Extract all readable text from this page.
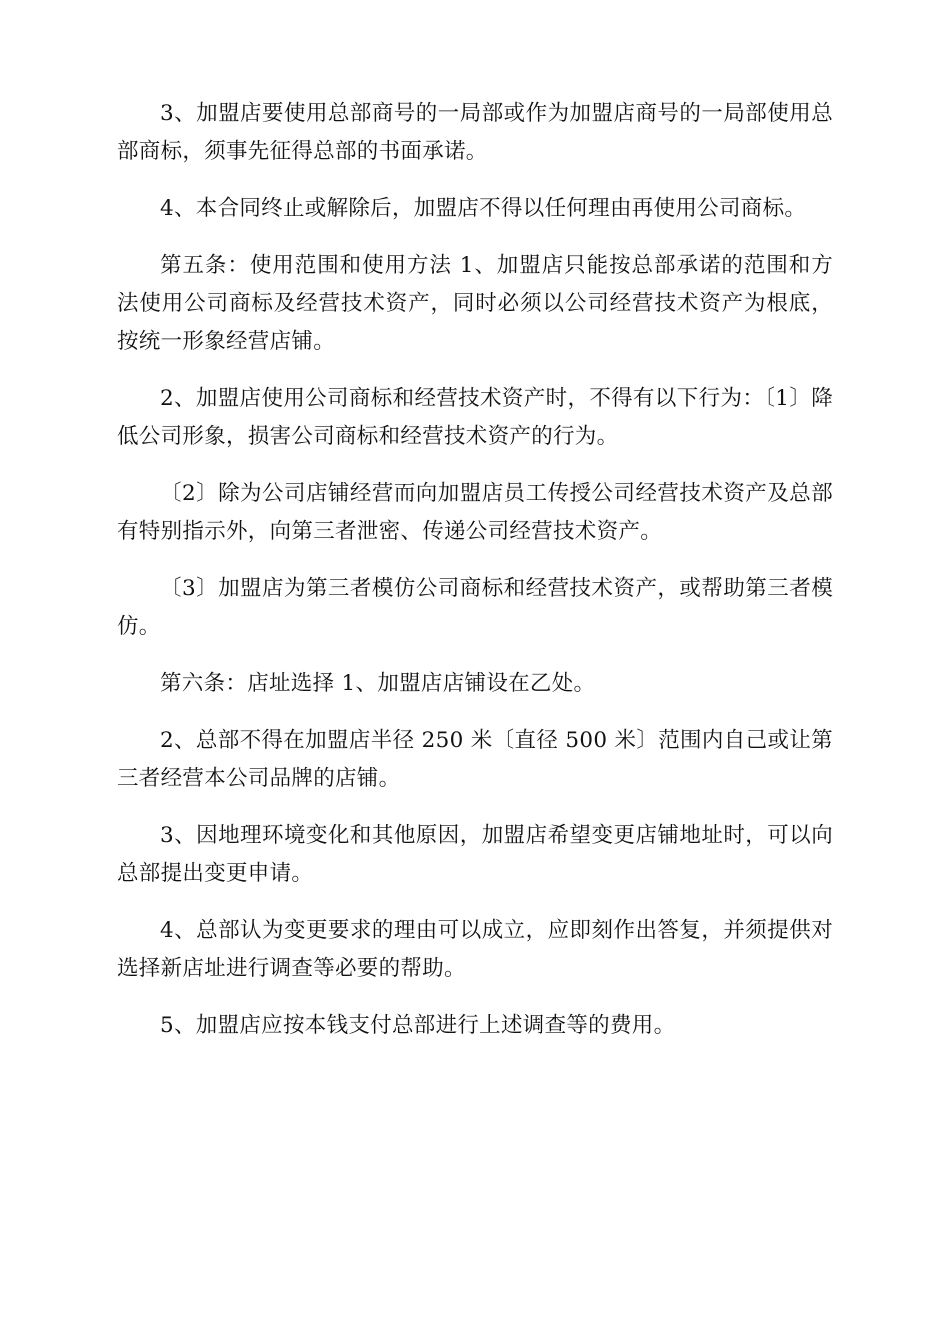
3、加盟店要使用总部商号的一局部或作为加盟店商号的一局部使用总部商标，须事先征得总部的书面承诺。

4、本合同终止或解除后，加盟店不得以任何理由再使用公司商标。

第五条：使用范围和使用方法 1、加盟店只能按总部承诺的范围和方法使用公司商标及经营技术资产，同时必须以公司经营技术资产为根底，按统一形象经营店铺。

2、加盟店使用公司商标和经营技术资产时，不得有以下行为：〔1〕降低公司形象，损害公司商标和经营技术资产的行为。

〔2〕除为公司店铺经营而向加盟店员工传授公司经营技术资产及总部有特别指示外，向第三者泄密、传递公司经营技术资产。

〔3〕加盟店为第三者模仿公司商标和经营技术资产，或帮助第三者模仿。

第六条：店址选择 1、加盟店店铺设在乙处。

2、总部不得在加盟店半径 250 米〔直径 500 米〕范围内自己或让第三者经营本公司品牌的店铺。

3、因地理环境变化和其他原因，加盟店希望变更店铺地址时，可以向总部提出变更申请。

4、总部认为变更要求的理由可以成立，应即刻作出答复，并须提供对选择新店址进行调查等必要的帮助。

5、加盟店应按本钱支付总部进行上述调查等的费用。
